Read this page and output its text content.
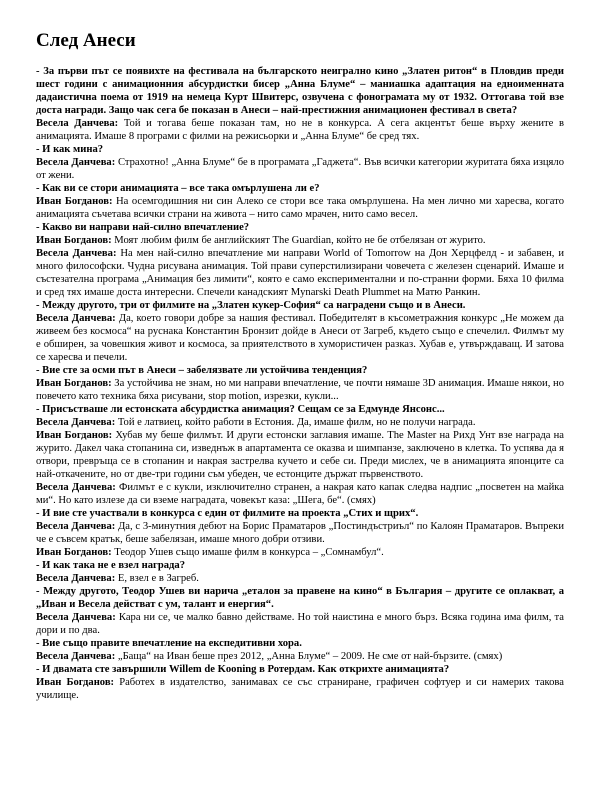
След Анеси

- За първи път се появихте на фестивала на българското неигрално кино „Златен ритон“ в Пловдив преди шест години с анимационния абсурдистки бисер „Анна Блуме“ – маниашка адаптация на едноименната дадаистична поема от 1919 на немеца Курт Швитерс, озвучена с фонограмата му от 1932. Оттогава той взе доста награди. Защо чак сега бе показан в Анеси – най-престижния анимационен фестивал в света?

Весела Данчева: Той и тогава беше показан там, но не в конкурса. А сега акцентът беше върху жените в анимацията. Имаше 8 програми с филми на режисьорки и „Анна Блуме“ бе сред тях.

- И как мина?

Весела Данчева: Страхотно! „Анна Блуме“ бе в програмата „Гаджета“. Във всички категории журитата бяха изцяло от жени.

- Как ви се стори анимацията – все така омърлушена ли е?

Иван Богданов: На осемгодишния ни син Алеко се стори все така омърлушена. На мен лично ми харесва, когато анимацията съчетава всички страни на живота – нито само мрачен, нито само весел.

- Какво ви направи най-силно впечатление?

Иван Богданов: Моят любим филм бе английският The Guardian, който не бе отбелязан от журито.

Весела Данчева: На мен най-силно впечатление ми направи World of Tomorrow на Дон Херцфелд - и забавен, и много философски. Чудна рисувана анимация. Той прави суперстилизирани човечета с железен сценарий. Имаше и състезателна програма „Анимация без лимити“, която е само експериментални и по-странни форми. Бяха 10 филма и сред тях имаше доста интересни. Спечели канадският Mynarski Death Plummet на Матю Ранкин.

- Между другото, три от филмите на „Златен кукер-София“ са наградени също и в Анеси.

Весела Данчева: Да, което говори добре за нашия фестивал. Победителят в късометражния конкурс „Не можем да живеем без космоса“ на руснака Константин Бронзит дойде в Анеси от Загреб, където също е спечелил. Филмът му е обширен, за човешкия живот и космоса, за приятелството в хумористичен разказ. Хубав е, утвърждаващ. И затова се харесва и печели.

- Вие сте за осми път в Анеси – забелязвате ли устойчива тенденция?

Иван Богданов: За устойчива не знам, но ми направи впечатление, че почти нямаше 3D анимация. Имаше някои, но повечето като техника бяха рисувани, stop motion, изрезки, кукли...

- Присъстваше ли естонската абсурдистка анимация? Сещам се за Едмунде Янсонс...

Весела Данчева: Той е латвиец, който работи в Естония. Да, имаше филм, но не получи награда.

Иван Богданов: Хубав му беше филмът. И други естонски заглавия имаше. The Master на Рихд Унт взе награда на журито. Дакел чака стопанина си, изведнъж в апартамента се оказва и шимпанзе, заключено в клетка. То успява да я отвори, превръща се в стопанин и накрая застрелва кучето и себе си. Преди мислех, че в анимацията японците са най-откачените, но от две-три години съм убеден, че естонците държат първенството.

Весела Данчева: Филмът е с кукли, изключително странен, а накрая като капак следва надпис „посветен на майка ми“. Но като излезе да си вземе наградата, човекът каза: „Шега, бе“. (смях)

- И вие сте участвали в конкурса с един от филмите на проекта „Стих и щрих“.

Весела Данчева: Да, с 3-минутния дебют на Борис Праматаров „Постиндъстриъл“ по Калоян Праматаров. Въпреки че е съвсем кратък, беше забелязан, имаше много добри отзиви.

Иван Богданов: Теодор Ушев също имаше филм в конкурса – „Сомнамбул“.

- И как така не е взел награда?

Весела Данчева: Е, взел е в Загреб.

- Между другото, Теодор Ушев ви нарича „еталон за правене на кино“ в България – другите се оплакват, а „Иван и Весела действат с ум, талант и енергия“.

Весела Данчева: Кара ни се, че малко бавно действаме. Но той наистина е много бърз. Всяка година има филм, та дори и по два.

- Вие също правите впечатление на експедитивни хора.

Весела Данчева: „Баща“ на Иван беше през 2012, „Анна Блуме“ – 2009. Не сме от най-бързите. (смях)

- И двамата сте завършили Willem de Kooning в Ротердам. Как открихте анимацията?

Иван Богданов: Работех в издателство, занимавах се със страниране, графичен софтуер и си намерих такова училище.
